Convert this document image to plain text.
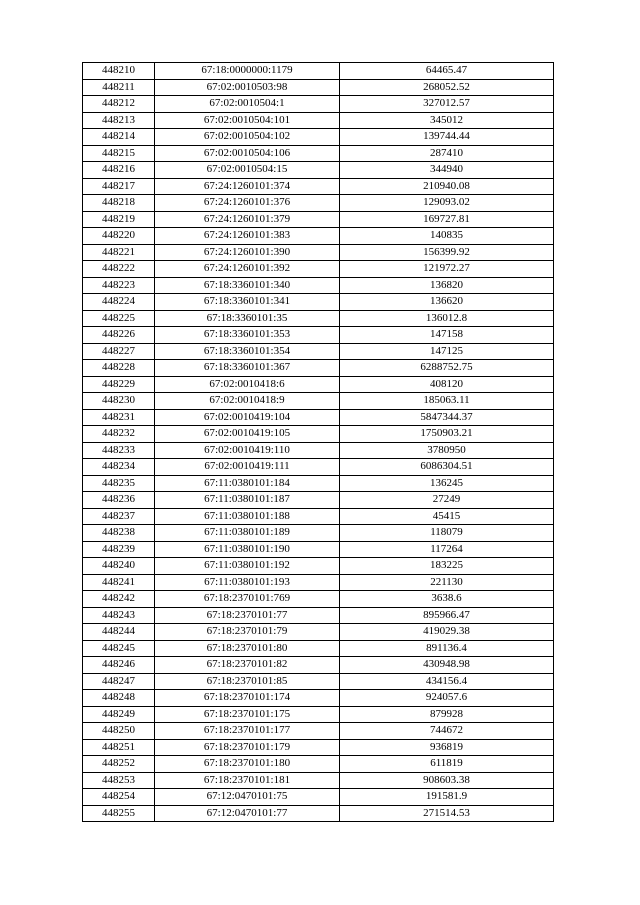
448210	67:18:0000000:1179	64465.47
448211	67:02:0010503:98	268052.52
448212	67:02:0010504:1	327012.57
448213	67:02:0010504:101	345012
448214	67:02:0010504:102	139744.44
448215	67:02:0010504:106	287410
448216	67:02:0010504:15	344940
448217	67:24:1260101:374	210940.08
448218	67:24:1260101:376	129093.02
448219	67:24:1260101:379	169727.81
448220	67:24:1260101:383	140835
448221	67:24:1260101:390	156399.92
448222	67:24:1260101:392	121972.27
448223	67:18:3360101:340	136820
448224	67:18:3360101:341	136620
448225	67:18:3360101:35	136012.8
448226	67:18:3360101:353	147158
448227	67:18:3360101:354	147125
448228	67:18:3360101:367	6288752.75
448229	67:02:0010418:6	408120
448230	67:02:0010418:9	185063.11
448231	67:02:0010419:104	5847344.37
448232	67:02:0010419:105	1750903.21
448233	67:02:0010419:110	3780950
448234	67:02:0010419:111	6086304.51
448235	67:11:0380101:184	136245
448236	67:11:0380101:187	27249
448237	67:11:0380101:188	45415
448238	67:11:0380101:189	118079
448239	67:11:0380101:190	117264
448240	67:11:0380101:192	183225
448241	67:11:0380101:193	221130
448242	67:18:2370101:769	3638.6
448243	67:18:2370101:77	895966.47
448244	67:18:2370101:79	419029.38
448245	67:18:2370101:80	891136.4
448246	67:18:2370101:82	430948.98
448247	67:18:2370101:85	434156.4
448248	67:18:2370101:174	924057.6
448249	67:18:2370101:175	879928
448250	67:18:2370101:177	744672
448251	67:18:2370101:179	936819
448252	67:18:2370101:180	611819
448253	67:18:2370101:181	908603.38
448254	67:12:0470101:75	191581.9
448255	67:12:0470101:77	271514.53
